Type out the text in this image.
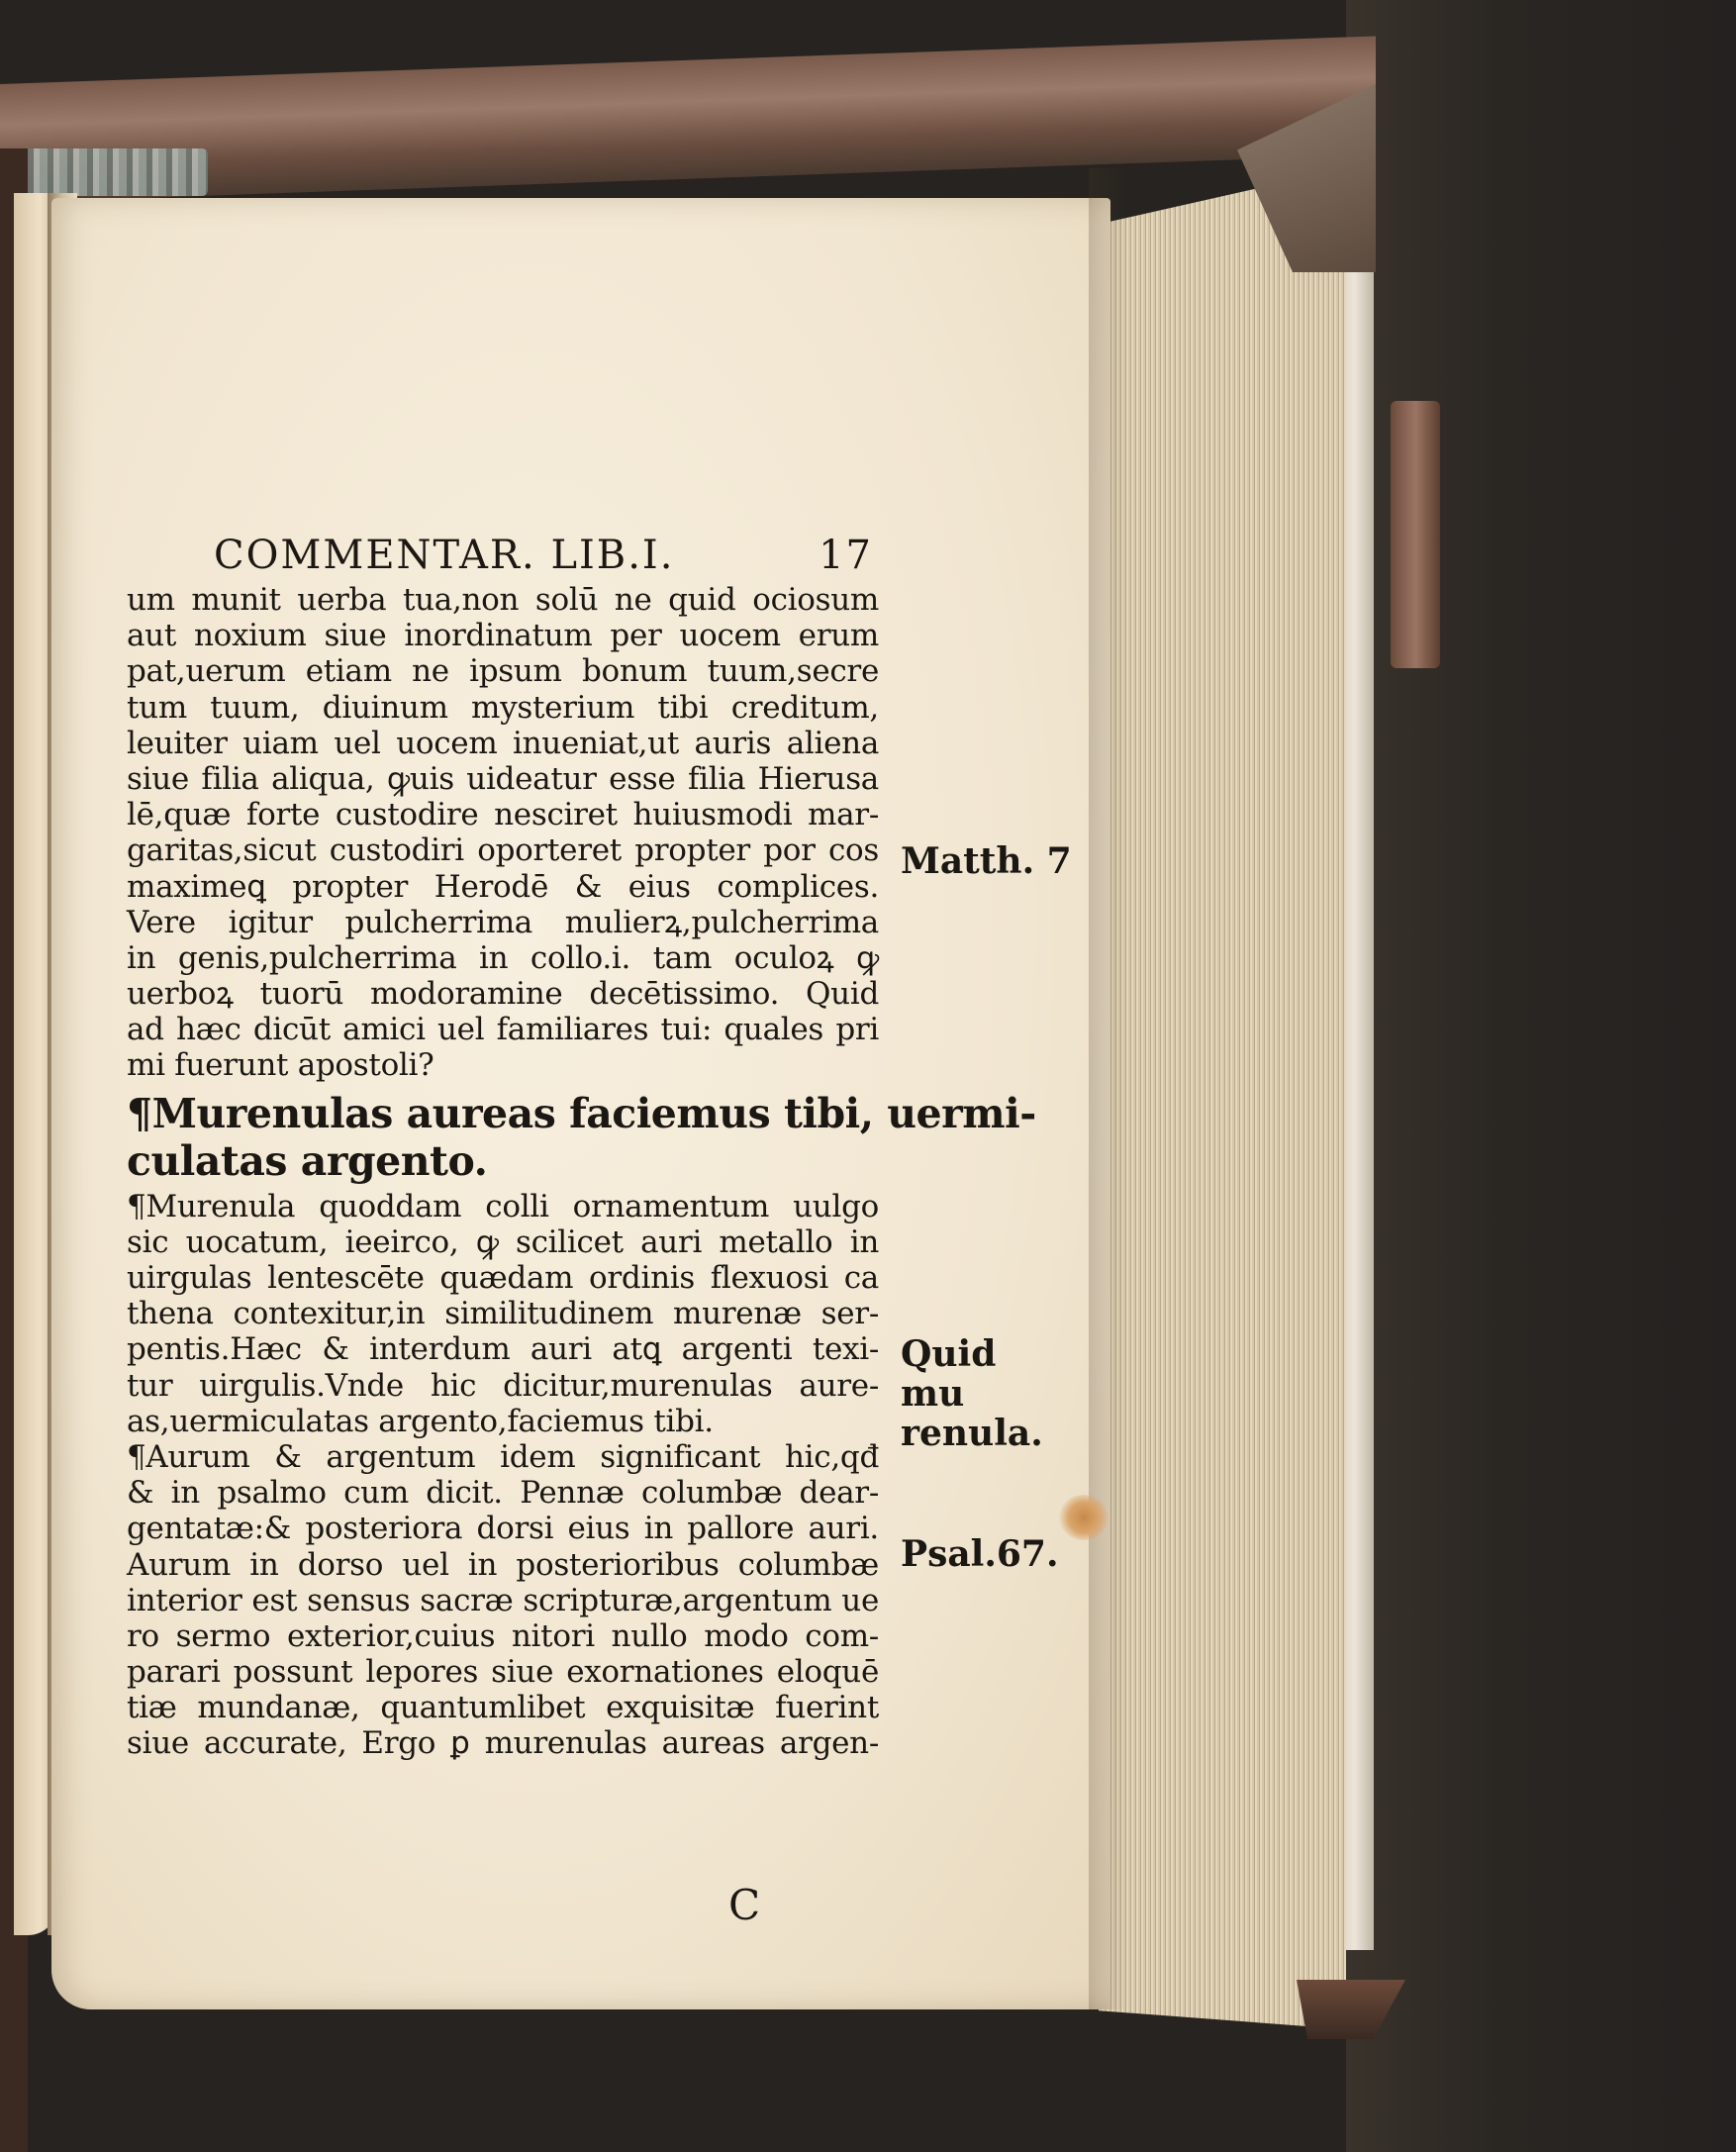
COMMENTAR. LIB.I.	17
um munit uerba tua,non solū ne quid ociosum
aut noxium siue inordinatum per uocem erum
pat,uerum etiam ne ipsum bonum tuum,secre
tum tuum, diuinum mysterium tibi creditum,
leuiter uiam uel uocem inueniat,ut auris aliena
siue filia aliqua, ꝙuis uideatur esse filia Hierusa
lē,quæ forte custodire nesciret huiusmodi mar-
garitas,sicut custodiri oporteret propter por cos
maximeꝗ propter Herodē & eius complices.
Vere igitur pulcherrima mulierꝝ,pulcherrima
in genis,pulcherrima in collo.i. tam oculoꝝ ꝙ
uerboꝝ tuorū modoramine decētissimo. Quid
ad hæc dicūt amici uel familiares tui: quales pri
mi fuerunt apostoli?
¶Murenulas aureas faciemus tibi, uermi-
culatas argento.
¶Murenula quoddam colli ornamentum uulgo
sic uocatum, ieeirco, ꝙ scilicet auri metallo in
uirgulas lentescēte quædam ordinis flexuosi ca
thena contexitur,in similitudinem murenæ ser-
pentis.Hæc & interdum auri atꝗ argenti texi-
tur uirgulis.Vnde hic dicitur,murenulas aure-
as,uermiculatas argento,faciemus tibi.
¶Aurum & argentum idem significant hic,qđ
& in psalmo cum dicit. Pennæ columbæ dear-
gentatæ:& posteriora dorsi eius in pallore auri.
Aurum in dorso uel in posterioribus columbæ
interior est sensus sacræ scripturæ,argentum ue
ro sermo exterior,cuius nitori nullo modo com-
parari possunt lepores siue exornationes eloquē
tiæ mundanæ, quantumlibet exquisitæ fuerint
siue accurate, Ergo ꝑ murenulas aureas argen-
C
Matth. 7
Quid mu renula.
Psal.67.
